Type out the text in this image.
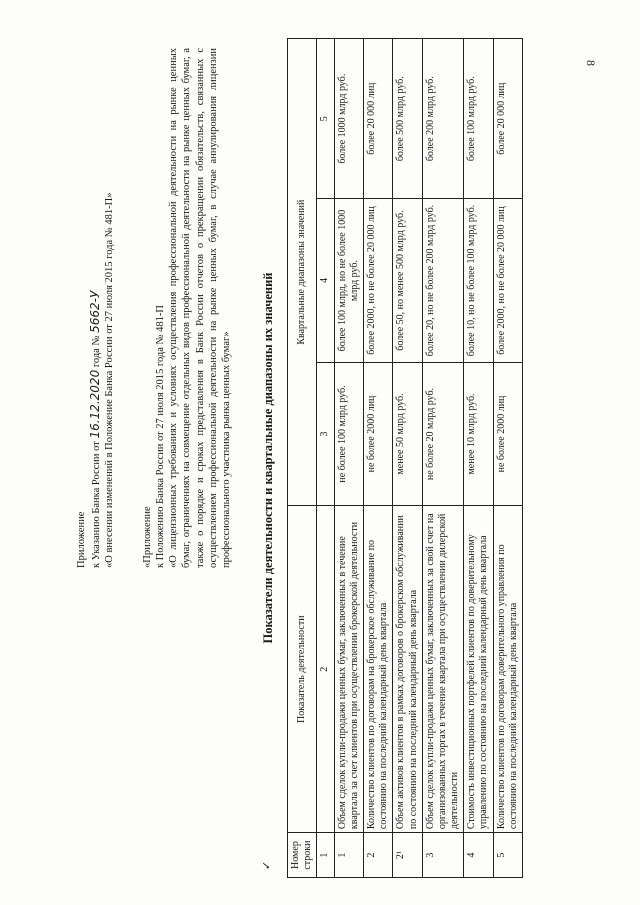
8

Приложение к Указанию Банка России от 16.12.2020 года № 5662-У «О внесении изменений в Положение Банка России от 27 июля 2015 года № 481-П»	«Приложение к Положению Банка России от 27 июля 2015 года № 481-П «О лицензионных требованиях и условиях осуществления профессиональной деятельности на рынке ценных бумаг, ограничениях на совмещение отдельных видов профессиональной деятельности на рынке ценных бумаг, а также о порядке и сроках представления в Банк России отчетов о прекращении обязательств, связанных с осуществлением профессиональной деятельности на рынке ценных бумаг, в случае аннулирования лицензии профессионального участника рынка ценных бумаг»

✓
Показатели деятельности и квартальные диапазоны их значений
Номер строки	Показатель деятельности	Квартальные диапазоны значений		

1	2	3	4	5
1	Объем сделок купли-продажи ценных бумаг, заключенных в течение квартала за счет клиентов при осуществлении брокерской деятельности	не более 100 млрд руб.	более 100 млрд, но не более 1000 млрд руб.	более 1000 млрд руб.
2	Количество клиентов по договорам на брокерское обслуживание по состоянию на последний календарный день квартала	не более 2000 лиц	более 2000, но не более 20 000 лиц	более 20 000 лиц
2¹	Объем активов клиентов в рамках договоров о брокерском обслуживании по состоянию на последний календарный день квартала	менее 50 млрд руб.	более 50, но менее 500 млрд руб.	более 500 млрд руб.
3	Объем сделок купли-продажи ценных бумаг, заключенных за свой счет на организованных торгах в течение квартала при осуществлении дилерской деятельности	не более 20 млрд руб.	более 20, но не более 200 млрд руб.	более 200 млрд руб.
4	Стоимость инвестиционных портфелей клиентов по доверительному управлению по состоянию на последний календарный день квартала	менее 10 млрд руб.	более 10, но не более 100 млрд руб.	более 100 млрд руб.
5	Количество клиентов по договорам доверительного управления по состоянию на последний календарный день квартала	не более 2000 лиц	более 2000, но не более 20 000 лиц	более 20 000 лиц
